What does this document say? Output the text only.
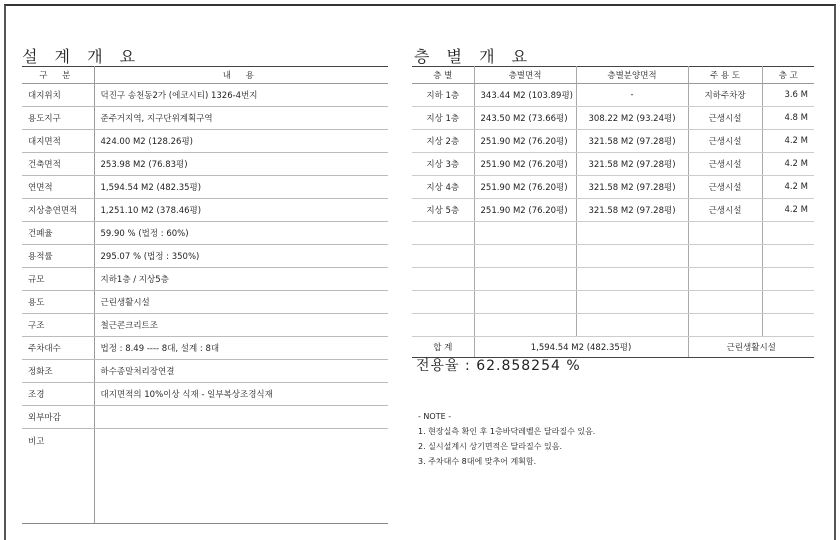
설 계 개 요	층 별 개 요
구 분	내 용
대지위치	덕진구 송천동2가 (에코시티) 1326-4번지
용도지구	준주거지역, 지구단위계획구역
대지면적	424.00 M2 (128.26평)
건축면적	253.98 M2 (76.83평)
연면적	1,594.54 M2 (482.35평)
지상층연면적	1,251.10 M2 (378.46평)
건폐율	59.90 % (법정 : 60%)
용적률	295.07 % (법정 : 350%)
규모	지하1층 / 지상5층
용도	근린생활시설
구조	철근콘크리트조
주차대수	법정 : 8.49 ---- 8대, 설계 : 8대
정화조	하수종말처리장연결
조경	대지면적의 10%이상 식재 - 일부복상조경식재
외부마감	
비고	
층 별	층별면적	층별분양면적	주 용 도	층 고
지하 1층	343.44 M2 (103.89평)	-	지하주차장	3.6 M
지상 1층	243.50 M2 (73.66평)	308.22 M2 (93.24평)	근생시설	4.8 M
지상 2층	251.90 M2 (76.20평)	321.58 M2 (97.28평)	근생시설	4.2 M
지상 3층	251.90 M2 (76.20평)	321.58 M2 (97.28평)	근생시설	4.2 M
지상 4층	251.90 M2 (76.20평)	321.58 M2 (97.28평)	근생시설	4.2 M
지상 5층	251.90 M2 (76.20평)	321.58 M2 (97.28평)	근생시설	4.2 M

합 계	1,594.54 M2 (482.35평)		근린생활시설	
전용율 : 62.858254 %
- NOTE -
1. 현장실측 확인 후 1층바닥레벨은 달라질수 있음.
2. 실시설계시 상기면적은 달라질수 있음.
3. 주차대수 8대에 맞추어 계획함.
